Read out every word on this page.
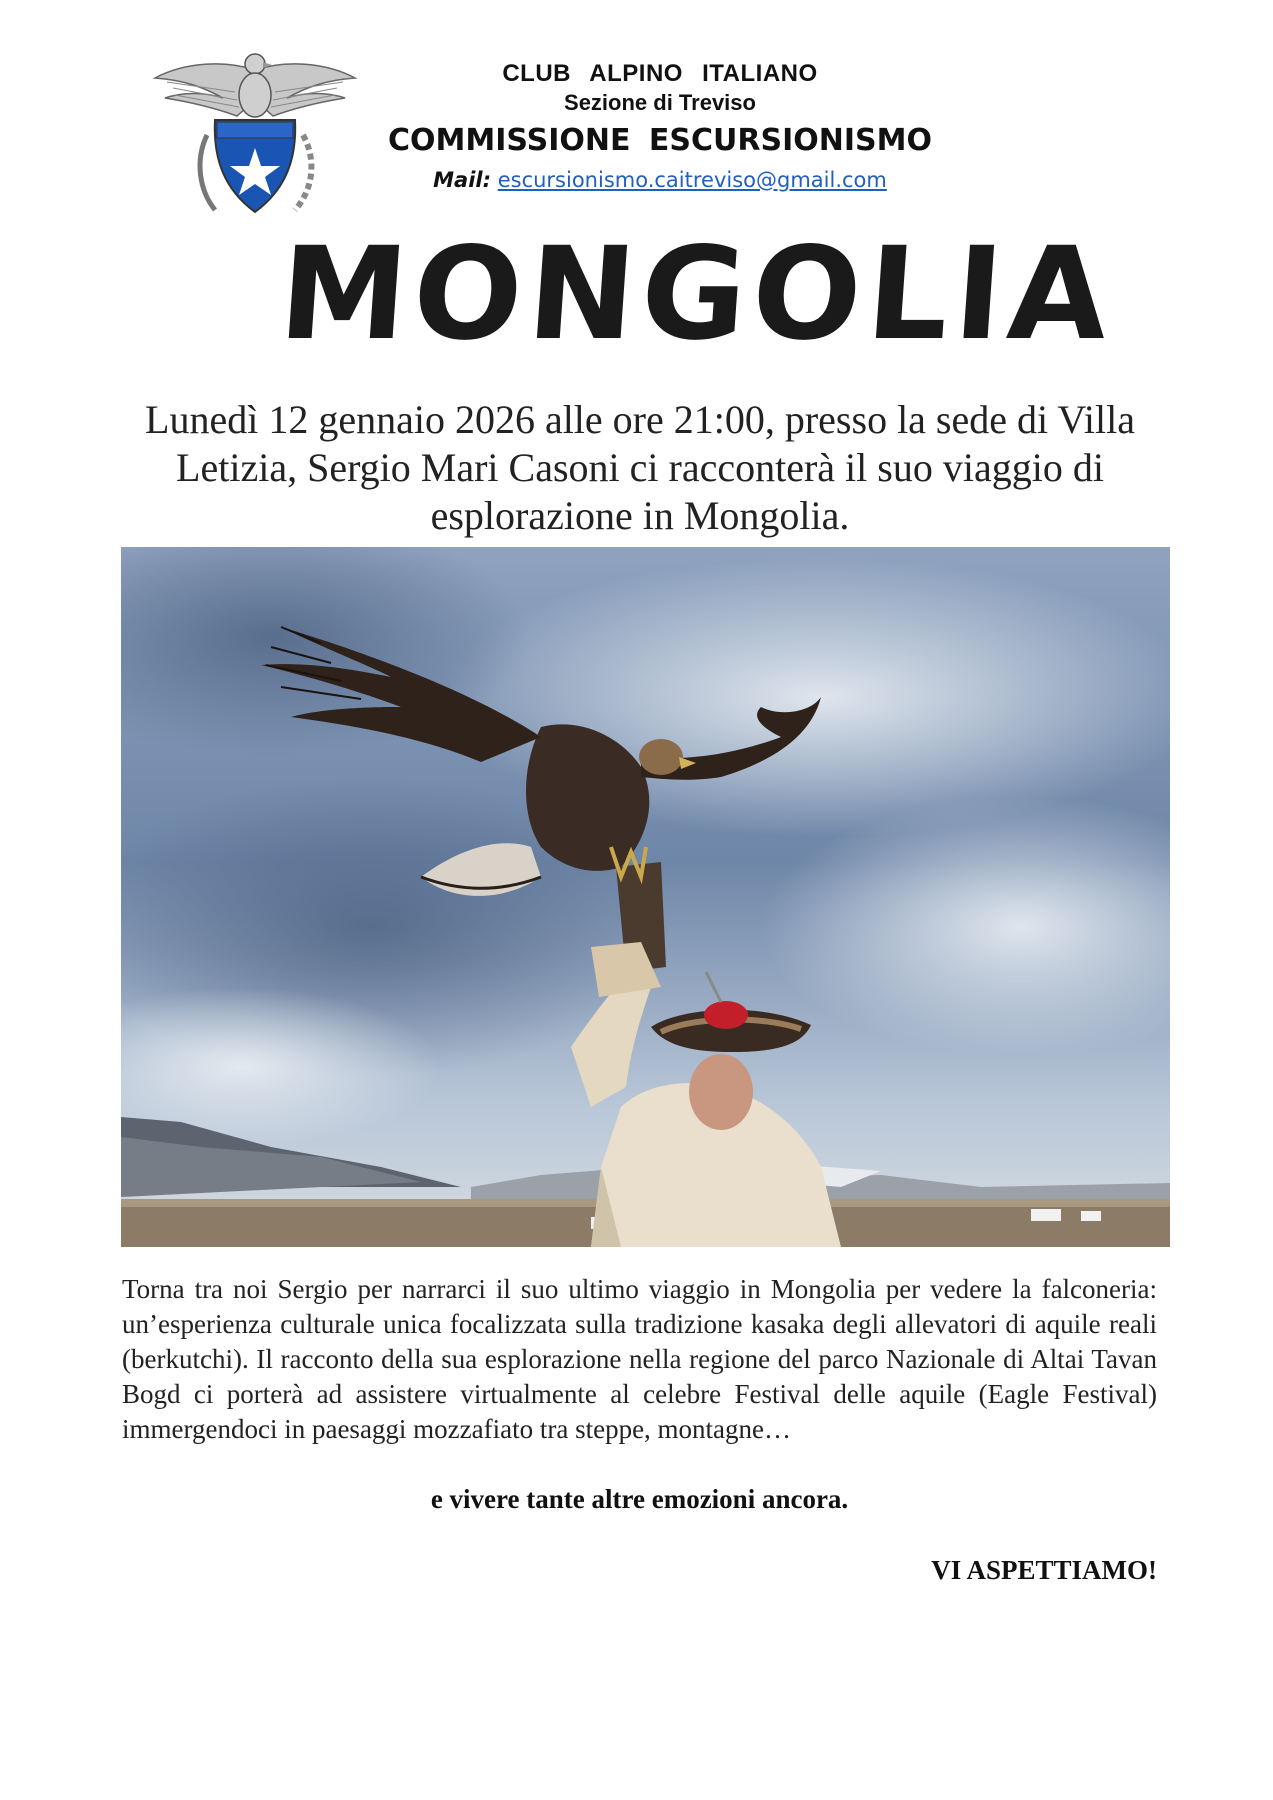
CLUB ALPINO ITALIANO

Sezione di Treviso

COMMISSIONE ESCURSIONISMO

Mail: escursionismo.caitreviso@gmail.com

MONGOLIA

Lunedì 12 gennaio 2026 alle ore 21:00, presso la sede di Villa Letizia, Sergio Mari Casoni ci racconterà il suo viaggio di esplorazione in Mongolia.

Torna tra noi Sergio per narrarci il suo ultimo viaggio in Mongolia per vedere la falconeria: un’esperienza culturale unica focalizzata sulla tradizione kasaka degli allevatori di aquile reali (berkutchi). Il racconto della sua esplorazione nella regione del parco Nazionale di Altai Tavan Bogd ci porterà ad assistere virtualmente al celebre Festival delle aquile (Eagle Festival) immergendoci in paesaggi mozzafiato tra steppe, montagne…

e vivere tante altre emozioni ancora.

VI ASPETTIAMO!
